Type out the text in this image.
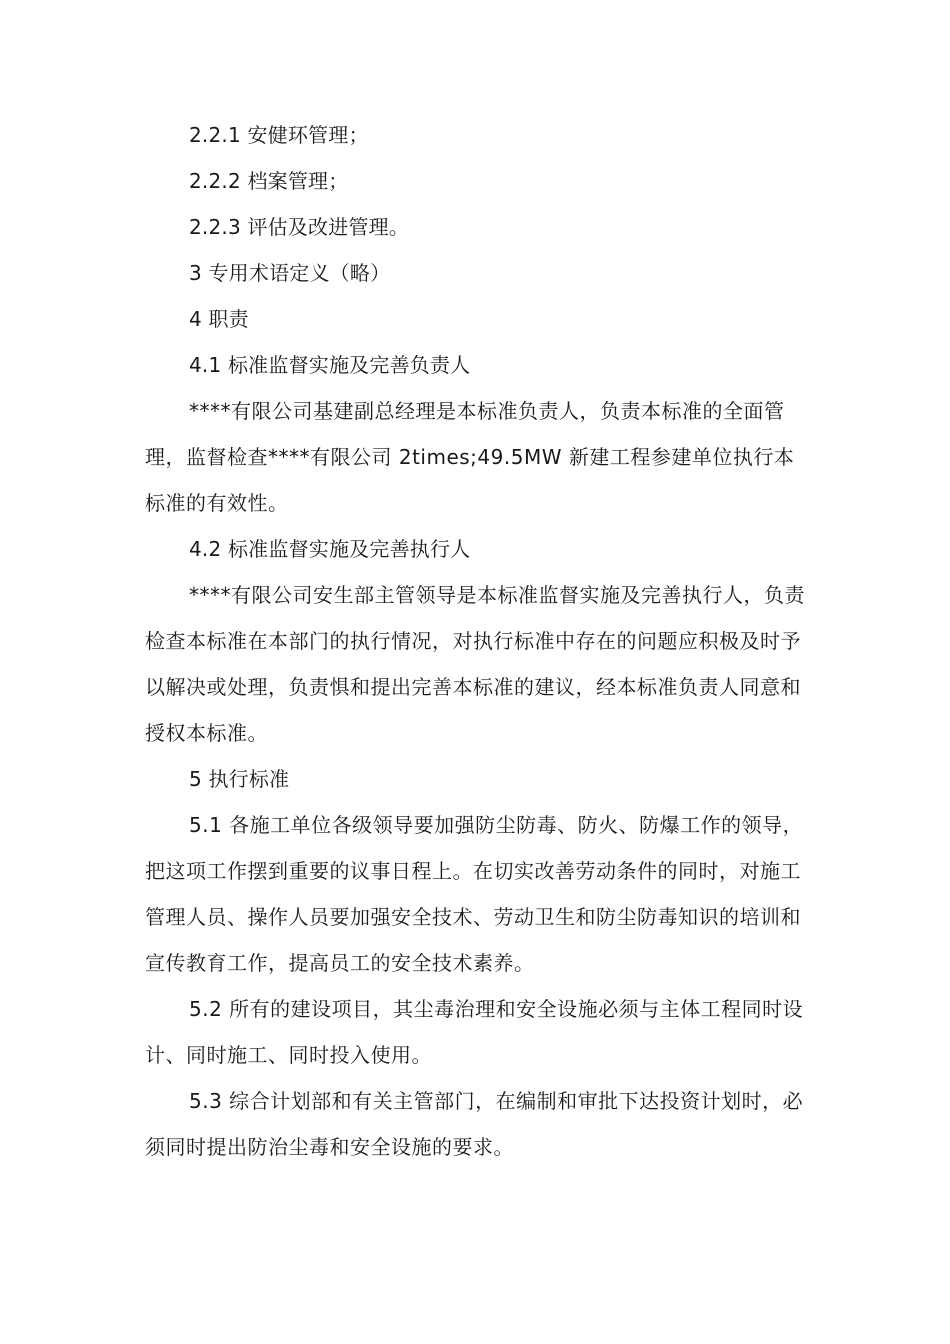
2.2.1 安健环管理；
2.2.2 档案管理；
2.2.3 评估及改进管理。
3 专用术语定义（略）
4 职责
4.1 标准监督实施及完善负责人

****有限公司基建副总经理是本标准负责人，负责本标准的全面管理，监督检查****有限公司 2times;49.5MW 新建工程参建单位执行本标准的有效性。

4.2 标准监督实施及完善执行人

****有限公司安生部主管领导是本标准监督实施及完善执行人，负责检查本标准在本部门的执行情况，对执行标准中存在的问题应积极及时予以解决或处理，负责惧和提出完善本标准的建议，经本标准负责人同意和授权本标准。

5 执行标准

5.1 各施工单位各级领导要加强防尘防毒、防火、防爆工作的领导，把这项工作摆到重要的议事日程上。在切实改善劳动条件的同时，对施工管理人员、操作人员要加强安全技术、劳动卫生和防尘防毒知识的培训和宣传教育工作，提高员工的安全技术素养。

5.2 所有的建设项目，其尘毒治理和安全设施必须与主体工程同时设计、同时施工、同时投入使用。

5.3 综合计划部和有关主管部门，在编制和审批下达投资计划时，必须同时提出防治尘毒和安全设施的要求。
